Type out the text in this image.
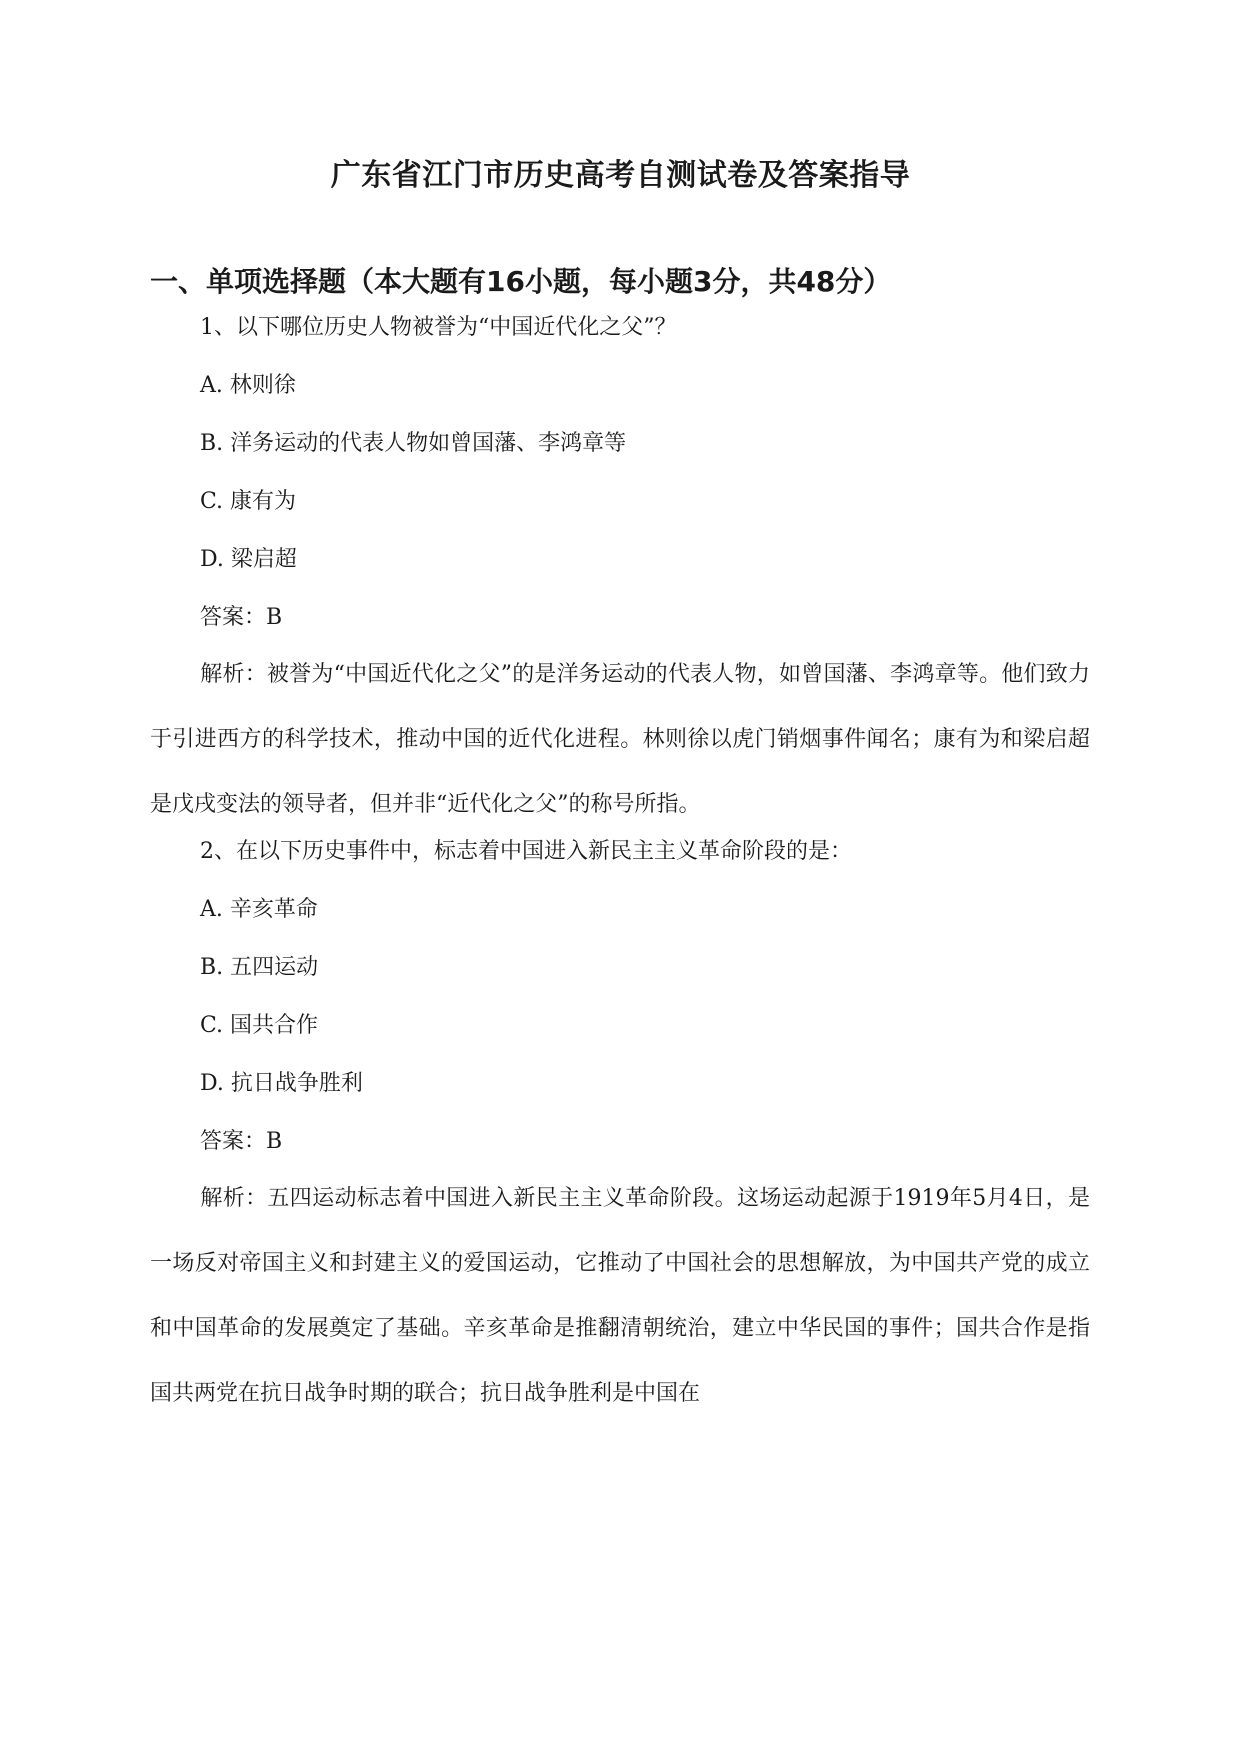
广东省江门市历史高考自测试卷及答案指导
一、单项选择题（本大题有16小题，每小题3分，共48分）
1、以下哪位历史人物被誉为“中国近代化之父”？
A. 林则徐
B. 洋务运动的代表人物如曾国藩、李鸿章等
C. 康有为
D. 梁启超
答案：B
解析：被誉为“中国近代化之父”的是洋务运动的代表人物，如曾国藩、李鸿章等。他们致力于引进西方的科学技术，推动中国的近代化进程。林则徐以虎门销烟事件闻名；康有为和梁启超是戊戌变法的领导者，但并非“近代化之父”的称号所指。
2、在以下历史事件中，标志着中国进入新民主主义革命阶段的是：
A. 辛亥革命
B. 五四运动
C. 国共合作
D. 抗日战争胜利
答案：B
解析：五四运动标志着中国进入新民主主义革命阶段。这场运动起源于1919年5月4日，是一场反对帝国主义和封建主义的爱国运动，它推动了中国社会的思想解放，为中国共产党的成立和中国革命的发展奠定了基础。辛亥革命是推翻清朝统治，建立中华民国的事件；国共合作是指国共两党在抗日战争时期的联合；抗日战争胜利是中国在
